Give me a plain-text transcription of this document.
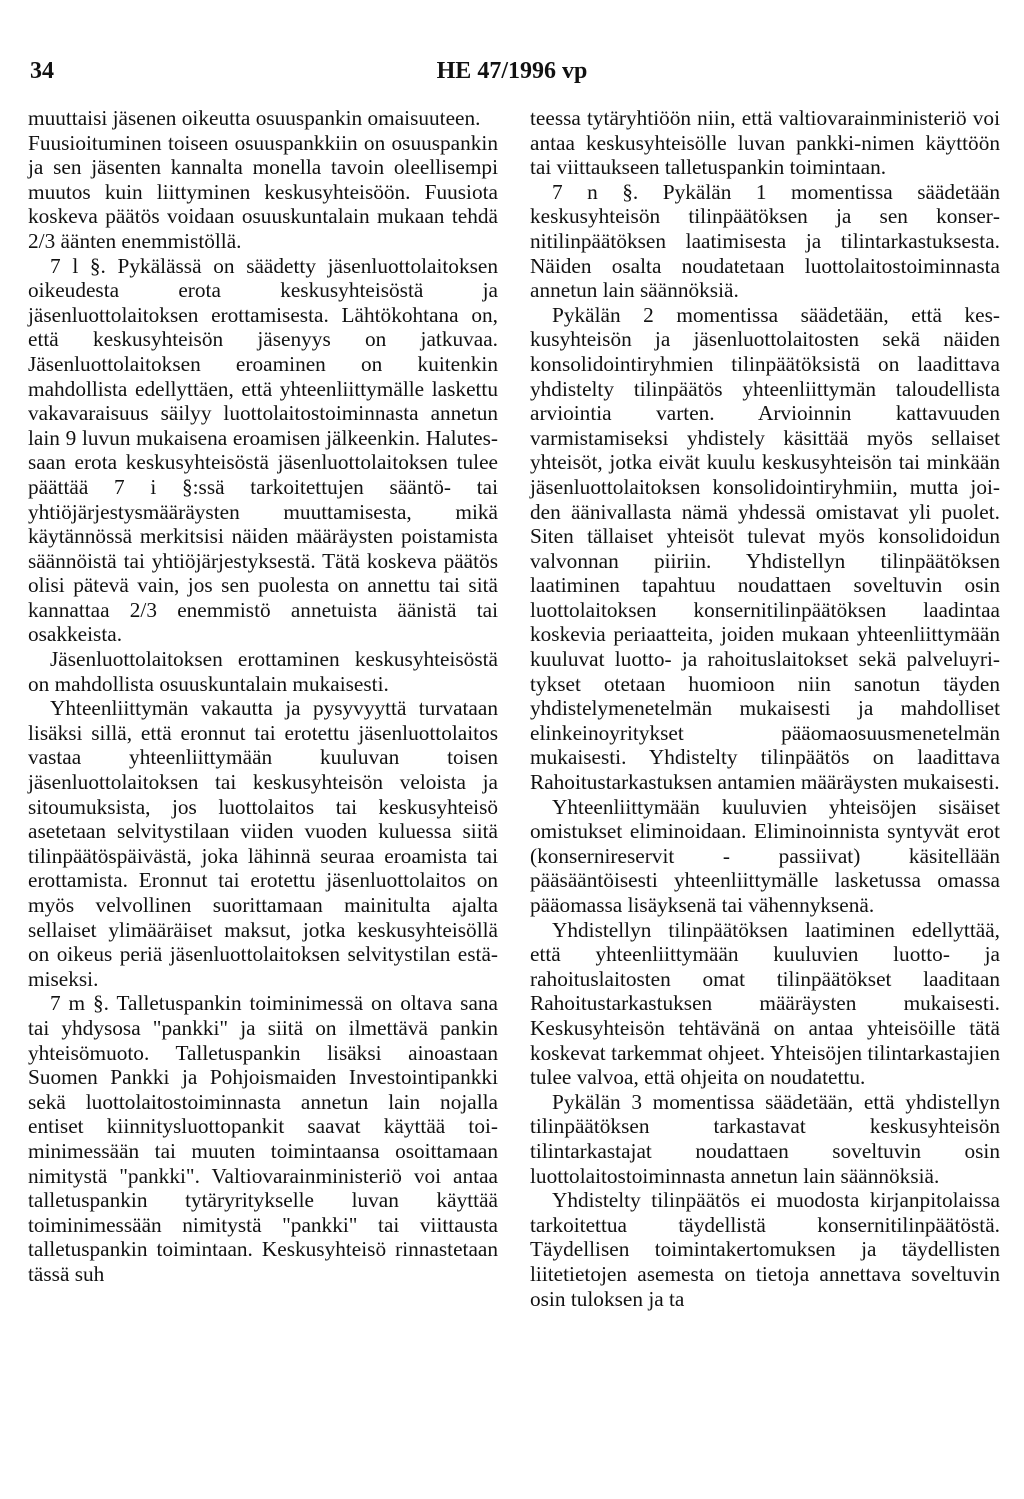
34	HE 47/1996 vp

muuttaisi jäsenen oikeutta osuuspankin omaisuuteen.

Fuusioituminen toiseen osuuspankkiin on osuuspankin ja sen jäsenten kannalta monella tavoin oleellisempi muutos kuin liittyminen keskusyhteisöön. Fuusiota koskeva päätös voidaan osuuskuntalain mukaan tehdä 2/3 äänten enemmistöllä.

7 l §. Pykälässä on säädetty jäsenluottolaitoksen oikeudesta erota keskusyhteisöstä ja jäsenluottolaitoksen erottamisesta. Lähtökohtana on, että keskusyhteisön jäsenyys on jatkuvaa. Jäsenluottolaitoksen eroaminen on kuitenkin mahdollista edellyttäen, että yhteenliittymälle laskettu vakavaraisuus säilyy luottolaitostoiminnasta annetun lain 9 luvun mukaisena eroamisen jälkeenkin. Halutessaan erota keskusyhteisöstä jäsenluottolaitoksen tulee päättää 7 i §:ssä tarkoitettujen sääntö- tai yhtiöjärjestysmääräysten muuttamisesta, mikä käytännössä merkitsisi näiden määräysten poistamista säännöistä tai yhtiöjärjestyksestä. Tätä koskeva päätös olisi pätevä vain, jos sen puolesta on annettu tai sitä kannattaa 2/3 enemmistö annetuista äänistä tai osakkeista.

Jäsenluottolaitoksen erottaminen keskusyhteisöstä on mahdollista osuuskuntalain mukaisesti.

Yhteenliittymän vakautta ja pysyvyyttä turvataan lisäksi sillä, että eronnut tai erotettu jäsenluottolaitos vastaa yhteenliittymään kuuluvan toisen jäsenluottolaitoksen tai keskusyhteisön veloista ja sitoumuksista, jos luottolaitos tai keskusyhteisö asetetaan selvitystilaan viiden vuoden kuluessa siitä tilinpäätöspäivästä, joka lähinnä seuraa eroamista tai erottamista. Eronnut tai erotettu jäsenluottolaitos on myös velvollinen suorittamaan mainitulta ajalta sellaiset ylimääräiset maksut, jotka keskusyhteisöllä on oikeus periä jäsenluottolaitoksen selvitystilan estämiseksi.

7 m §. Talletuspankin toiminimessä on oltava sana tai yhdysosa "pankki" ja siitä on ilmettävä pankin yhteisömuoto. Talletuspankin lisäksi ainoastaan Suomen Pankki ja Pohjoismaiden Investointipankki sekä luottolaitostoiminnasta annetun lain nojalla entiset kiinnitysluottopankit saavat käyttää toiminimessään tai muuten toimintaansa osoittamaan nimitystä "pankki". Valtiovarainministeriö voi antaa talletuspankin tytäryritykselle luvan käyttää toiminimessään nimitystä "pankki" tai viittausta talletuspankin toimintaan. Keskusyhteisö rinnastetaan tässä suh

teessa tytäryhtiöön niin, että valtiovarainministeriö voi antaa keskusyhteisölle luvan pankki-nimen käyttöön tai viittaukseen talletuspankin toimintaan.

7 n §. Pykälän 1 momentissa säädetään keskusyhteisön tilinpäätöksen ja sen konsernitilinpäätöksen laatimisesta ja tilintarkastuksesta. Näiden osalta noudatetaan luottolaitostoiminnasta annetun lain säännöksiä.

Pykälän 2 momentissa säädetään, että keskusyhteisön ja jäsenluottolaitosten sekä näiden konsolidointiryhmien tilinpäätöksistä on laadittava yhdistelty tilinpäätös yhteenliittymän taloudellista arviointia varten. Arvioinnin kattavuuden varmistamiseksi yhdistely käsittää myös sellaiset yhteisöt, jotka eivät kuulu keskusyhteisön tai minkään jäsenluottolaitoksen konsolidointiryhmiin, mutta joiden äänivallasta nämä yhdessä omistavat yli puolet. Siten tällaiset yhteisöt tulevat myös konsolidoidun valvonnan piiriin. Yhdistellyn tilinpäätöksen laatiminen tapahtuu noudattaen soveltuvin osin luottolaitoksen konsernitilinpäätöksen laadintaa koskevia periaatteita, joiden mukaan yhteenliittymään kuuluvat luotto- ja rahoituslaitokset sekä palveluyritykset otetaan huomioon niin sanotun täyden yhdistelymenetelmän mukaisesti ja mahdolliset elinkeinoyritykset pääomaosuusmenetelmän mukaisesti. Yhdistelty tilinpäätös on laadittava Rahoitustarkastuksen antamien määräysten mukaisesti.

Yhteenliittymään kuuluvien yhteisöjen sisäiset omistukset eliminoidaan. Eliminoinnista syntyvät erot (konsernireservit - passiivat) käsitellään pääsääntöisesti yhteenliittymälle lasketussa omassa pääomassa lisäyksenä tai vähennyksenä.

Yhdistellyn tilinpäätöksen laatiminen edellyttää, että yhteenliittymään kuuluvien luotto- ja rahoituslaitosten omat tilinpäätökset laaditaan Rahoitustarkastuksen määräysten mukaisesti. Keskusyhteisön tehtävänä on antaa yhteisöille tätä koskevat tarkemmat ohjeet. Yhteisöjen tilintarkastajien tulee valvoa, että ohjeita on noudatettu.

Pykälän 3 momentissa säädetään, että yhdistellyn tilinpäätöksen tarkastavat keskusyhteisön tilintarkastajat noudattaen soveltuvin osin luottolaitostoiminnasta annetun lain säännöksiä.

Yhdistelty tilinpäätös ei muodosta kirjanpitolaissa tarkoitettua täydellistä konsernitilinpäätöstä. Täydellisen toimintakertomuksen ja täydellisten liitetietojen asemesta on tietoja annettava soveltuvin osin tuloksen ja ta
